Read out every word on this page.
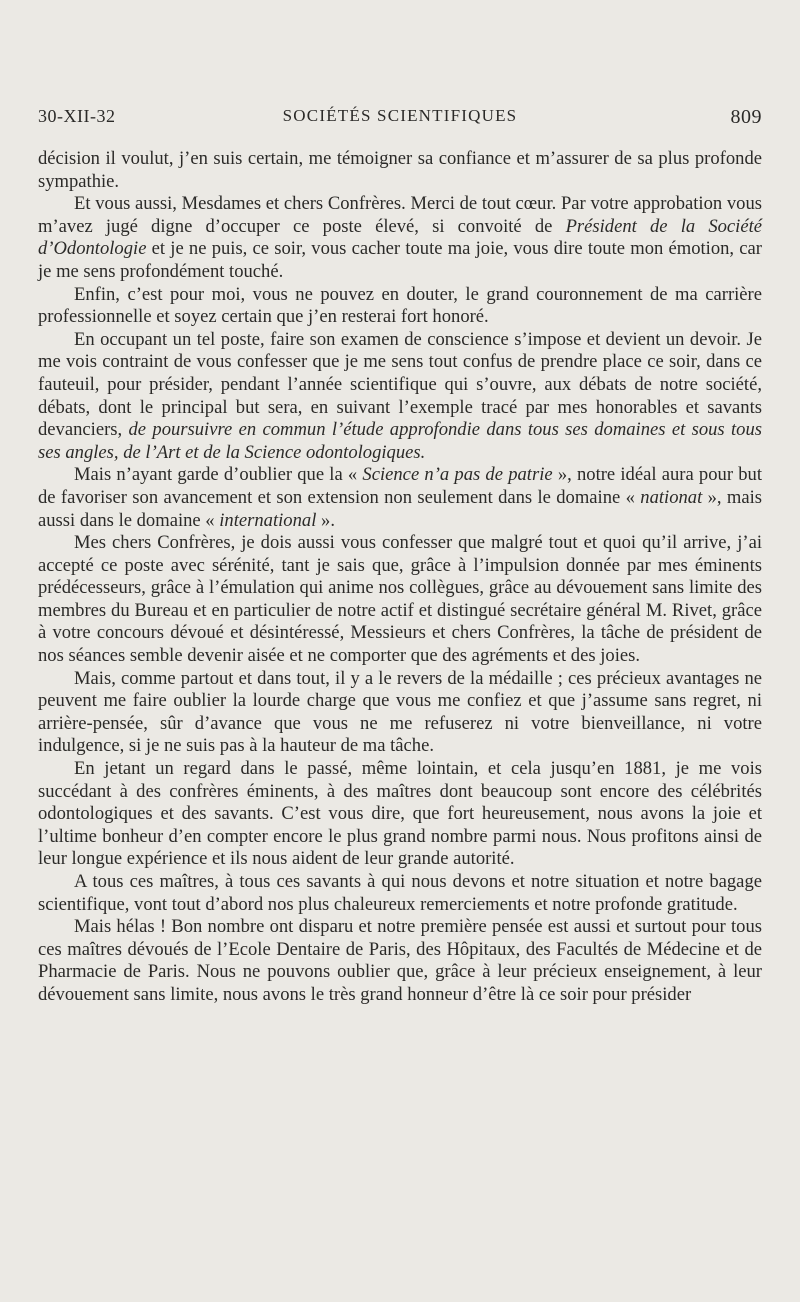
30-XII-32	SOCIÉTÉS SCIENTIFIQUES	809

décision il voulut, j’en suis certain, me témoigner sa confiance et m’assurer de sa plus profonde sympathie.

Et vous aussi, Mesdames et chers Confrères. Merci de tout cœur. Par votre approbation vous m’avez jugé digne d’occuper ce poste élevé, si convoité de Président de la Société d’Odontologie et je ne puis, ce soir, vous cacher toute ma joie, vous dire toute mon émotion, car je me sens profondément touché.

Enfin, c’est pour moi, vous ne pouvez en douter, le grand couronnement de ma carrière professionnelle et soyez certain que j’en resterai fort honoré.

En occupant un tel poste, faire son examen de conscience s’impose et devient un devoir. Je me vois contraint de vous confesser que je me sens tout confus de prendre place ce soir, dans ce fauteuil, pour présider, pendant l’année scientifique qui s’ouvre, aux débats de notre société, débats, dont le principal but sera, en suivant l’exemple tracé par mes honorables et savants devanciers, de poursuivre en commun l’étude approfondie dans tous ses domaines et sous tous ses angles, de l’Art et de la Science odontologiques.

Mais n’ayant garde d’oublier que la « Science n’a pas de patrie », notre idéal aura pour but de favoriser son avancement et son extension non seulement dans le domaine « nationat », mais aussi dans le domaine « international ».

Mes chers Confrères, je dois aussi vous confesser que malgré tout et quoi qu’il arrive, j’ai accepté ce poste avec sérénité, tant je sais que, grâce à l’impulsion donnée par mes éminents prédécesseurs, grâce à l’émulation qui anime nos collègues, grâce au dévouement sans limite des membres du Bureau et en particulier de notre actif et distingué secrétaire général M. Rivet, grâce à votre concours dévoué et désintéressé, Messieurs et chers Confrères, la tâche de président de nos séances semble devenir aisée et ne comporter que des agréments et des joies.

Mais, comme partout et dans tout, il y a le revers de la médaille ; ces précieux avantages ne peuvent me faire oublier la lourde charge que vous me confiez et que j’assume sans regret, ni arrière-pensée, sûr d’avance que vous ne me refuserez ni votre bienveillance, ni votre indulgence, si je ne suis pas à la hauteur de ma tâche.

En jetant un regard dans le passé, même lointain, et cela jusqu’en 1881, je me vois succédant à des confrères éminents, à des maîtres dont beaucoup sont encore des célébrités odontologiques et des savants. C’est vous dire, que fort heureusement, nous avons la joie et l’ultime bonheur d’en compter encore le plus grand nombre parmi nous. Nous profitons ainsi de leur longue expérience et ils nous aident de leur grande autorité.

A tous ces maîtres, à tous ces savants à qui nous devons et notre situation et notre bagage scientifique, vont tout d’abord nos plus chaleureux remerciements et notre profonde gratitude.

Mais hélas ! Bon nombre ont disparu et notre première pensée est aussi et surtout pour tous ces maîtres dévoués de l’Ecole Dentaire de Paris, des Hôpitaux, des Facultés de Médecine et de Pharmacie de Paris. Nous ne pouvons oublier que, grâce à leur précieux enseignement, à leur dévouement sans limite, nous avons le très grand honneur d’être là ce soir pour présider
